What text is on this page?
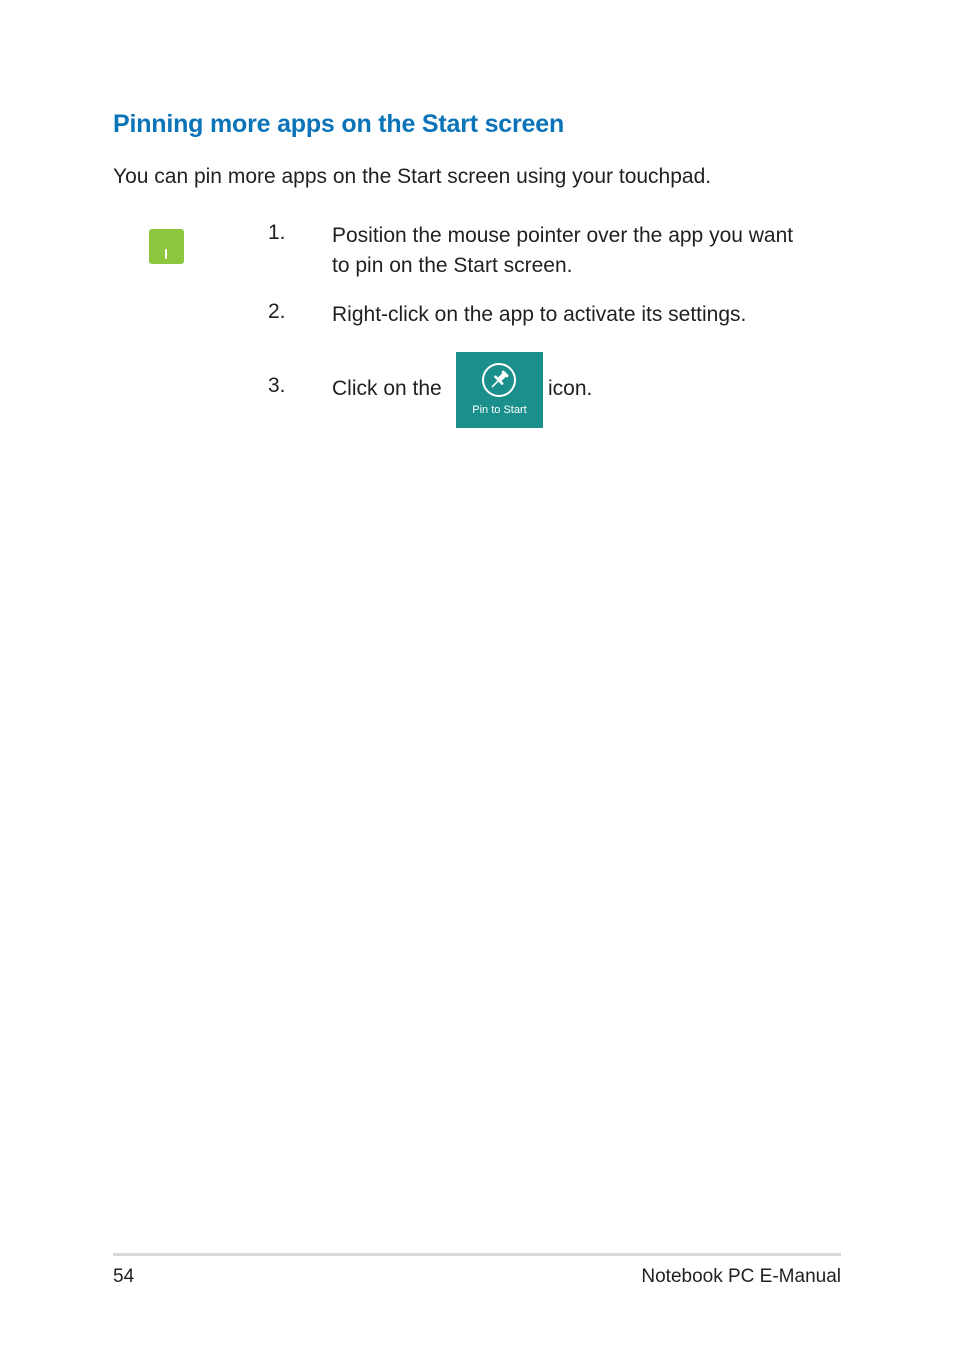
Pinning more apps on the Start screen

You can pin more apps on the Start screen using your touchpad.

1. Position the mouse pointer over the app you want to pin on the Start screen.
2. Right-click on the app to activate its settings.
3. Click on the
Pin to Start
icon.
54	Notebook PC E-Manual
